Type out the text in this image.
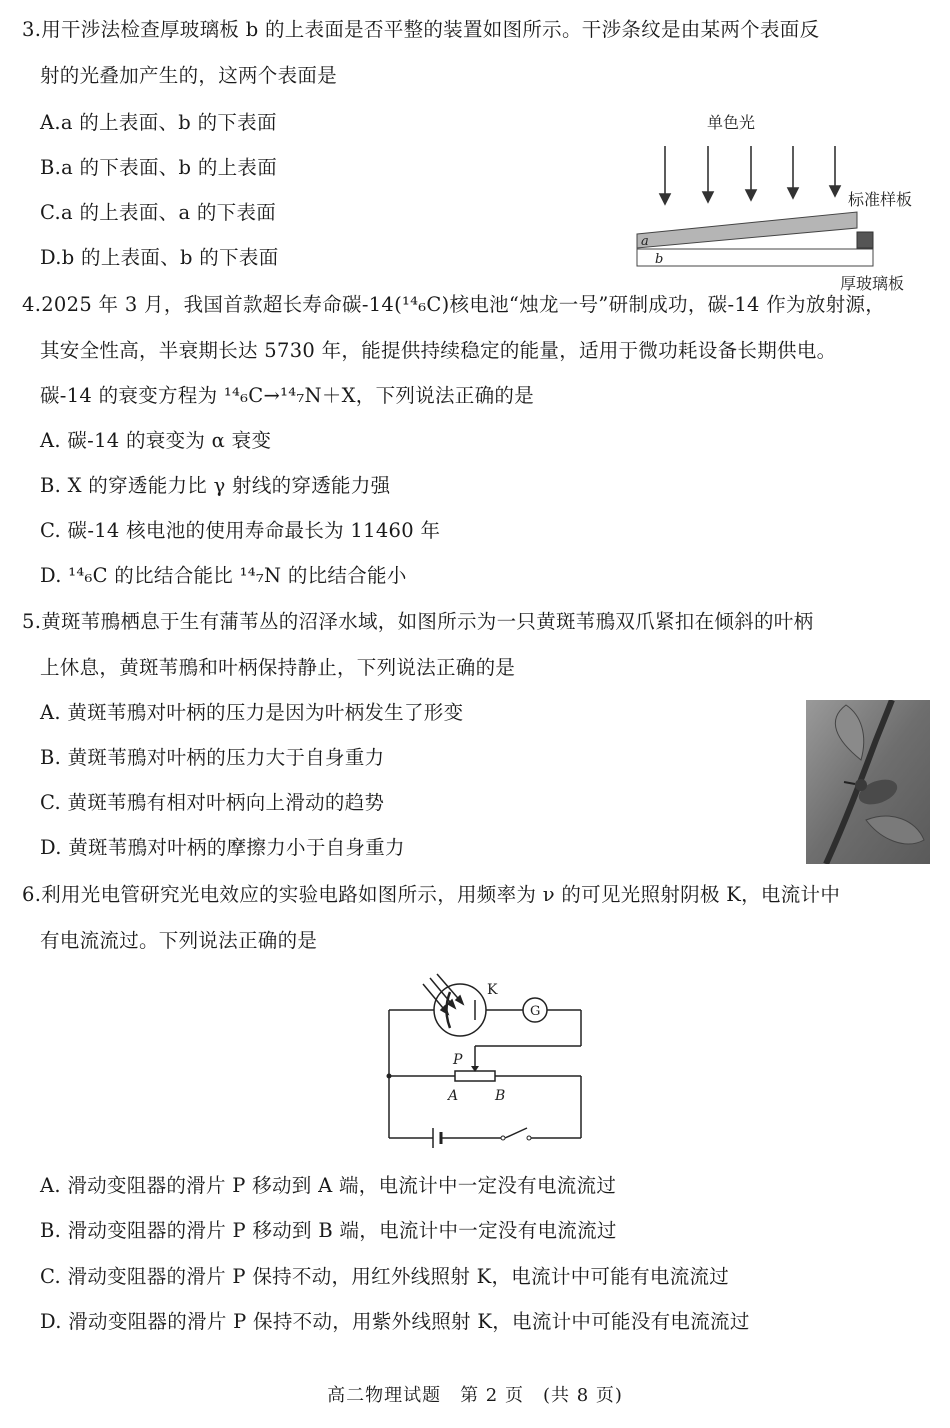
3.用干涉法检查厚玻璃板 b 的上表面是否平整的装置如图所示。干涉条纹是由某两个表面反
射的光叠加产生的，这两个表面是
A.a 的上表面、b 的下表面
B.a 的下表面、b 的上表面
C.a 的上表面、a 的下表面
D.b 的上表面、b 的下表面
单色光
标准样板
a
b
厚玻璃板
4.2025 年 3 月，我国首款超长寿命碳-14(¹⁴₆C)核电池“烛龙一号”研制成功，碳-14 作为放射源，
其安全性高，半衰期长达 5730 年，能提供持续稳定的能量，适用于微功耗设备长期供电。
碳-14 的衰变方程为 ¹⁴₆C→¹⁴₇N＋X，下列说法正确的是
A. 碳-14 的衰变为 α 衰变
B. X 的穿透能力比 γ 射线的穿透能力强
C. 碳-14 核电池的使用寿命最长为 11460 年
D. ¹⁴₆C 的比结合能比 ¹⁴₇N 的比结合能小
5.黄斑苇鳽栖息于生有蒲苇丛的沼泽水域，如图所示为一只黄斑苇鳽双爪紧扣在倾斜的叶柄
上休息，黄斑苇鳽和叶柄保持静止，下列说法正确的是
A. 黄斑苇鳽对叶柄的压力是因为叶柄发生了形变
B. 黄斑苇鳽对叶柄的压力大于自身重力
C. 黄斑苇鳽有相对叶柄向上滑动的趋势
D. 黄斑苇鳽对叶柄的摩擦力小于自身重力
6.利用光电管研究光电效应的实验电路如图所示，用频率为 ν 的可见光照射阴极 K，电流计中
有电流流过。下列说法正确的是
K
G
P
A	B
A. 滑动变阻器的滑片 P 移动到 A 端，电流计中一定没有电流流过
B. 滑动变阻器的滑片 P 移动到 B 端，电流计中一定没有电流流过
C. 滑动变阻器的滑片 P 保持不动，用红外线照射 K，电流计中可能有电流流过
D. 滑动变阻器的滑片 P 保持不动，用紫外线照射 K，电流计中可能没有电流流过
高二物理试题　第 2 页　(共 8 页)
